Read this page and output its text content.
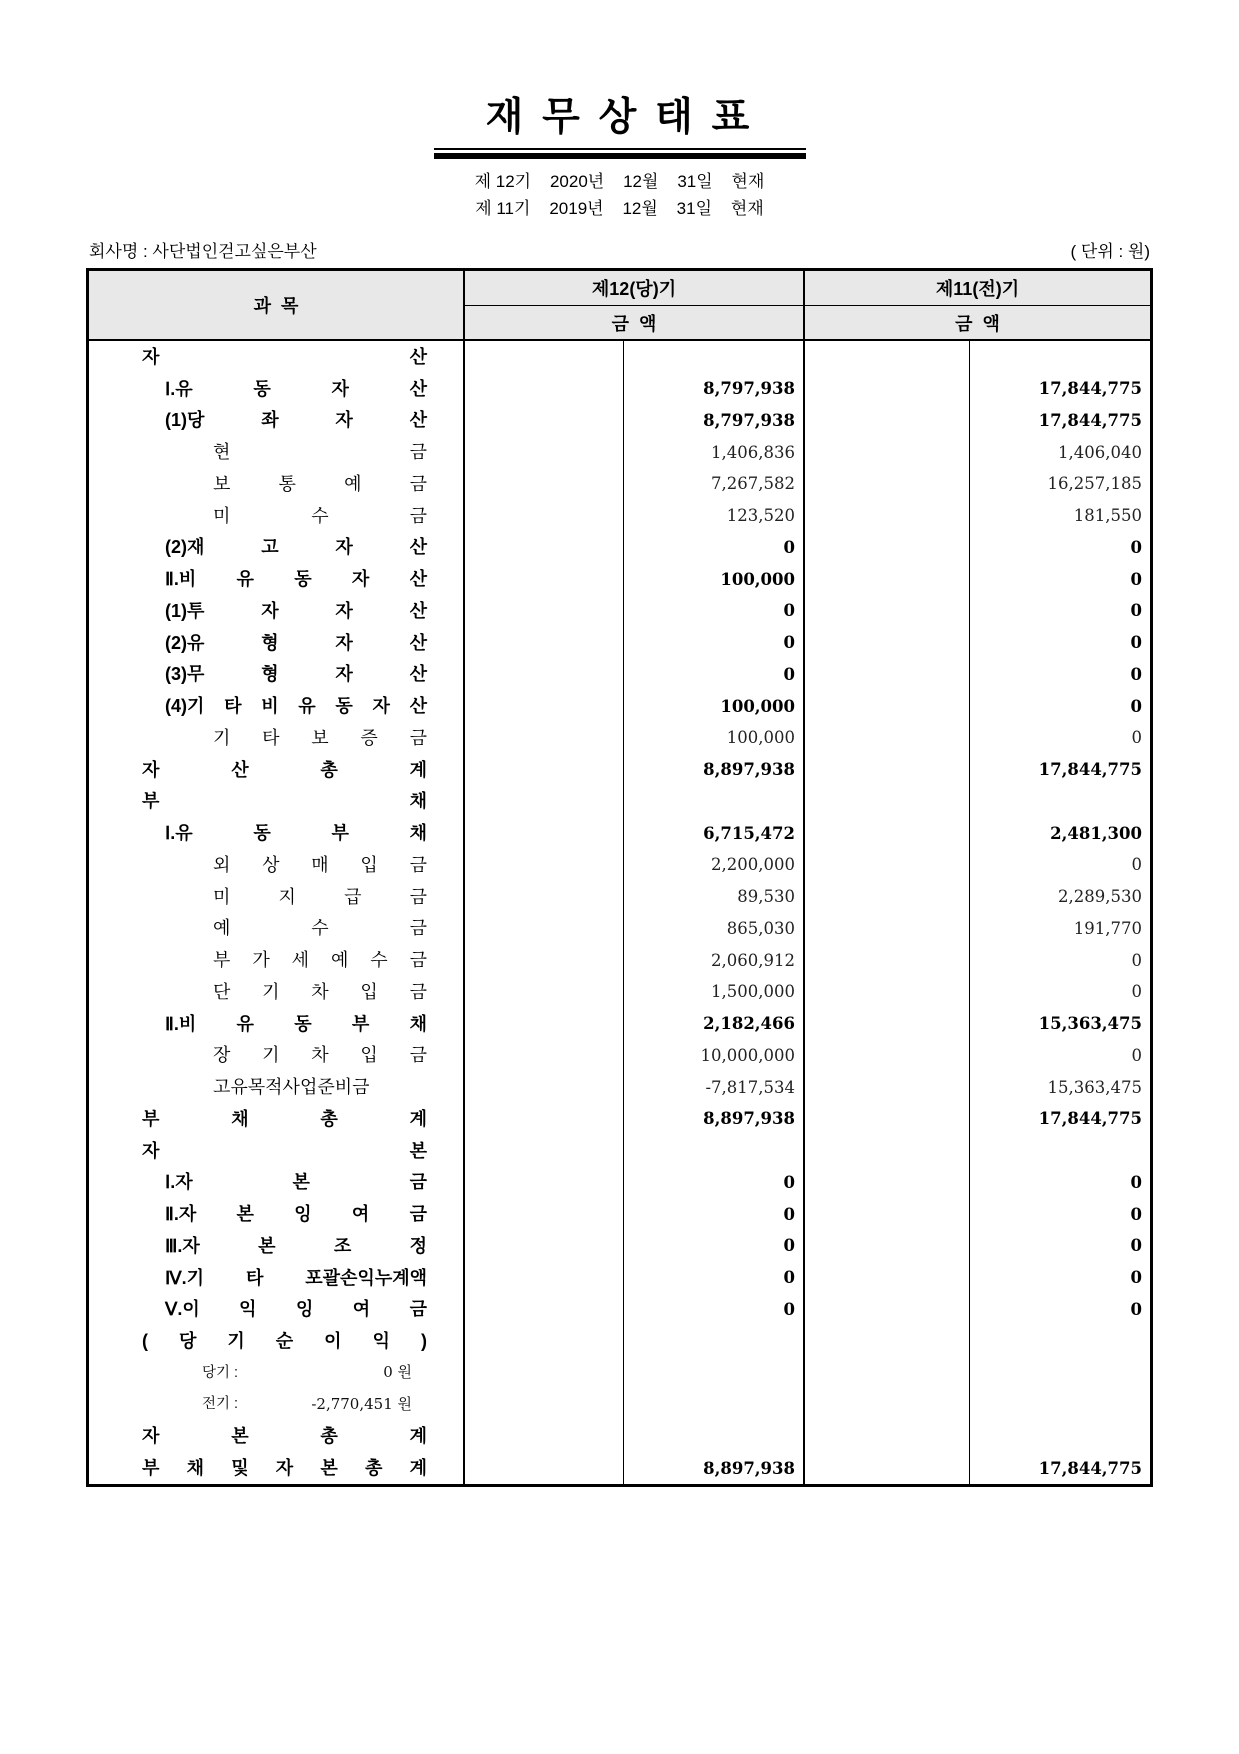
재 무 상 태 표
제 12기    2020년    12월    31일    현재
제 11기    2019년    12월    31일    현재
회사명 : 사단법인걷고싶은부산	( 단위 : 원)
과  목
제12(당)기	제11(전)기
금  액	금  액
자	산
Ⅰ.유	동	자	산	8,797,938	17,844,775
(1)당	좌	자	산	8,797,938	17,844,775
현	금	1,406,836	1,406,040
보	통	예	금	7,267,582	16,257,185
미	수	금	123,520	181,550
(2)재	고	자	산	0	0
Ⅱ.비 유 동 자 산	100,000	0
(1)투	자	자	산	0	0
(2)유	형	자	산	0	0
(3)무	형	자	산	0	0
(4)기 타 비 유 동 자 산	100,000	0
기 타 보 증 금	100,000	0
자	산	총	계	8,897,938	17,844,775
부	채
Ⅰ.유	동	부	채	6,715,472	2,481,300
외 상 매 입 금	2,200,000	0
미	지	급	금	89,530	2,289,530
예	수	금	865,030	191,770
부 가 세 예 수 금	2,060,912	0
단 기 차 입 금	1,500,000	0
Ⅱ.비 유 동 부 채	2,182,466	15,363,475
장 기 차 입 금	10,000,000	0
고유목적사업준비금	-7,817,534	15,363,475
부	채	총	계	8,897,938	17,844,775
자	본
Ⅰ.자	본	금	0	0
Ⅱ.자 본 잉 여 금	0	0
Ⅲ.자	본	조	정	0	0
Ⅳ.기 타 포괄손익누계액	0	0
Ⅴ.이 익 잉 여 금	0	0
( 당 기 순 이 익 )
당기 :	0 원
전기 :	-2,770,451 원
자	본	총	계
부 채 및 자 본 총 계	8,897,938	17,844,775
